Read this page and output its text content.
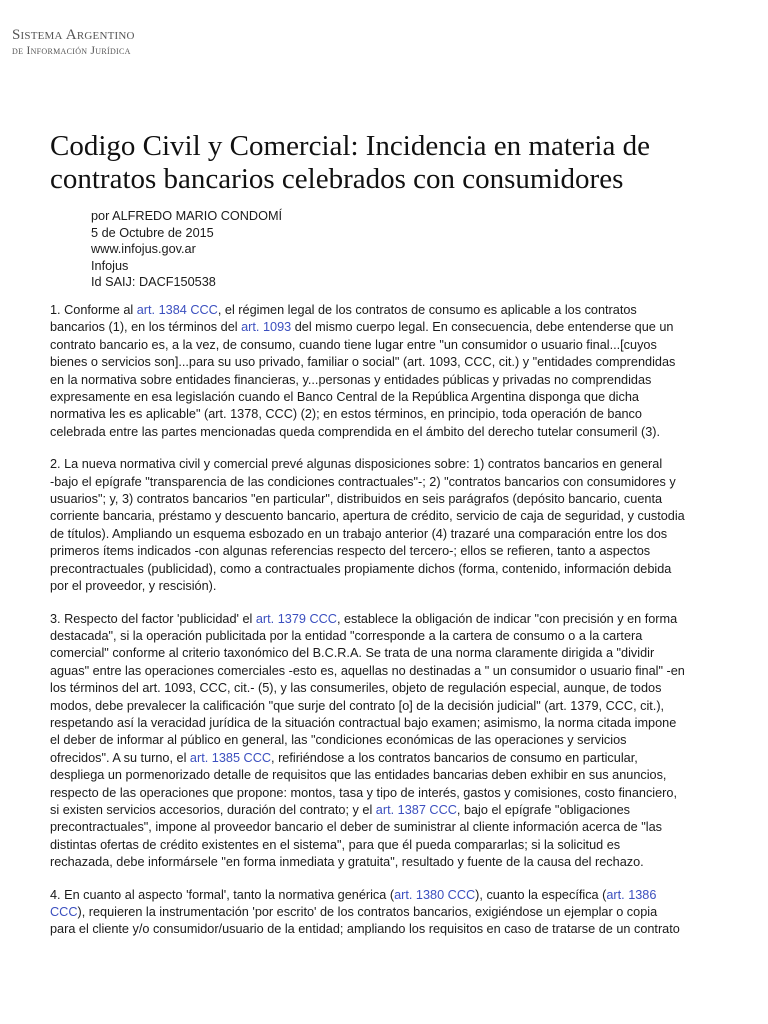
Sistema Argentino
de Información Jurídica
Codigo Civil y Comercial: Incidencia en materia de contratos bancarios celebrados con consumidores
por ALFREDO MARIO CONDOMÍ
5 de Octubre de 2015
www.infojus.gov.ar
Infojus
Id SAIJ: DACF150538

1. Conforme al art. 1384 CCC, el régimen legal de los contratos de consumo es aplicable a los contratos
bancarios (1), en los términos del art. 1093 del mismo cuerpo legal. En consecuencia, debe entenderse que un
contrato bancario es, a la vez, de consumo, cuando tiene lugar entre "un consumidor o usuario final...[cuyos
bienes o servicios son]...para su uso privado, familiar o social" (art. 1093, CCC, cit.) y "entidades comprendidas
en la normativa sobre entidades financieras, y...personas y entidades públicas y privadas no comprendidas
expresamente en esa legislación cuando el Banco Central de la República Argentina disponga que dicha
normativa les es aplicable" (art. 1378, CCC) (2); en estos términos, en principio, toda operación de banco
celebrada entre las partes mencionadas queda comprendida en el ámbito del derecho tutelar consumeril (3).

2. La nueva normativa civil y comercial prevé algunas disposiciones sobre: 1) contratos bancarios en general
-bajo el epígrafe "transparencia de las condiciones contractuales"-; 2) "contratos bancarios con consumidores y
usuarios"; y, 3) contratos bancarios "en particular", distribuidos en seis parágrafos (depósito bancario, cuenta
corriente bancaria, préstamo y descuento bancario, apertura de crédito, servicio de caja de seguridad, y custodia
de títulos). Ampliando un esquema esbozado en un trabajo anterior (4) trazaré una comparación entre los dos
primeros ítems indicados -con algunas referencias respecto del tercero-; ellos se refieren, tanto a aspectos
precontractuales (publicidad), como a contractuales propiamente dichos (forma, contenido, información debida
por el proveedor, y rescisión).

3. Respecto del factor 'publicidad' el art. 1379 CCC, establece la obligación de indicar "con precisión y en forma
destacada", si la operación publicitada por la entidad "corresponde a la cartera de consumo o a la cartera
comercial" conforme al criterio taxonómico del B.C.R.A. Se trata de una norma claramente dirigida a "dividir
aguas" entre las operaciones comerciales -esto es, aquellas no destinadas a " un consumidor o usuario final" -en
los términos del art. 1093, CCC, cit.- (5), y las consumeriles, objeto de regulación especial, aunque, de todos
modos, debe prevalecer la calificación "que surje del contrato [o] de la decisión judicial" (art. 1379, CCC, cit.),
respetando así la veracidad jurídica de la situación contractual bajo examen; asimismo, la norma citada impone
el deber de informar al público en general, las "condiciones económicas de las operaciones y servicios
ofrecidos". A su turno, el art. 1385 CCC, refiriéndose a los contratos bancarios de consumo en particular,
despliega un pormenorizado detalle de requisitos que las entidades bancarias deben exhibir en sus anuncios,
respecto de las operaciones que propone: montos, tasa y tipo de interés, gastos y comisiones, costo financiero,
si existen servicios accesorios, duración del contrato; y el art. 1387 CCC, bajo el epígrafe "obligaciones
precontractuales", impone al proveedor bancario el deber de suministrar al cliente información acerca de "las
distintas ofertas de crédito existentes en el sistema", para que él pueda compararlas; si la solicitud es
rechazada, debe informársele "en forma inmediata y gratuita", resultado y fuente de la causa del rechazo.

4. En cuanto al aspecto 'formal', tanto la normativa genérica (art. 1380 CCC), cuanto la específica (art. 1386
CCC), requieren la instrumentación 'por escrito' de los contratos bancarios, exigiéndose un ejemplar o copia
para el cliente y/o consumidor/usuario de la entidad; ampliando los requisitos en caso de tratarse de un contrato
